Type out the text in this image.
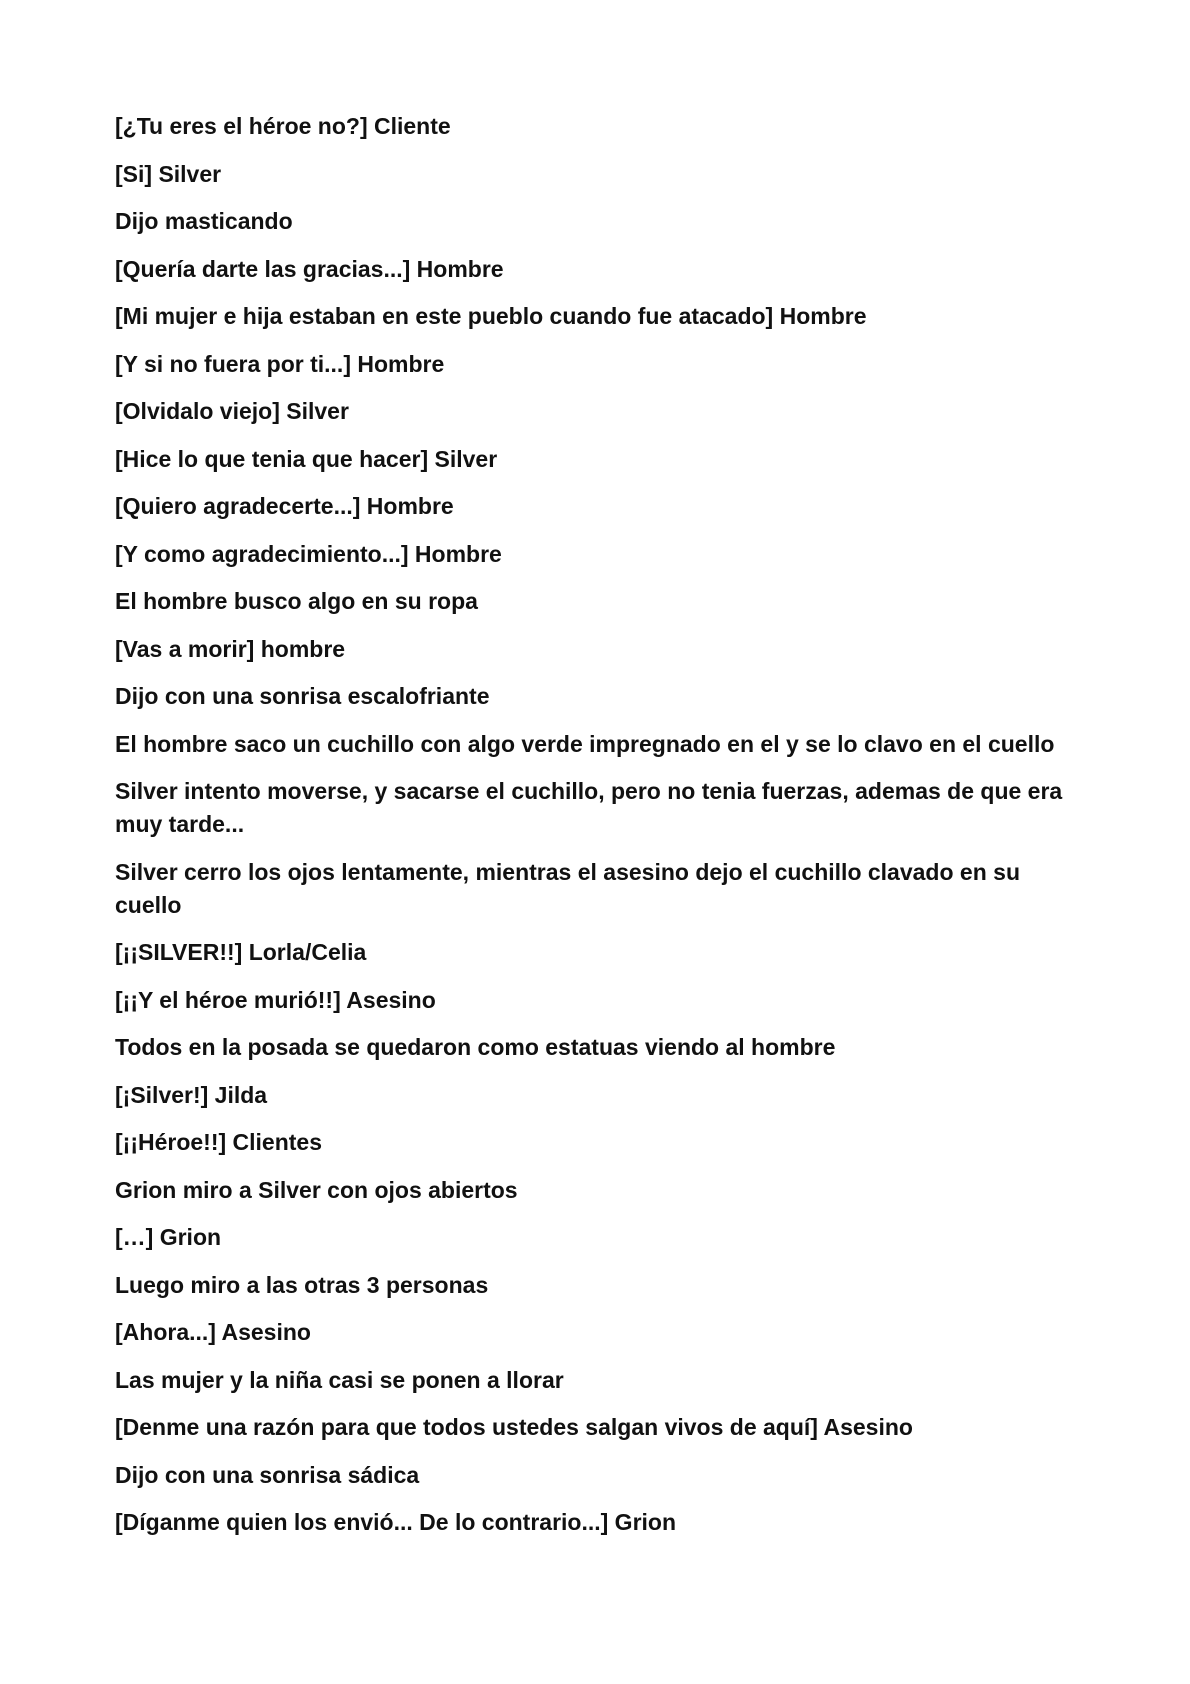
[¿Tu eres el héroe no?] Cliente

[Si] Silver

Dijo masticando

[Quería darte las gracias...] Hombre

[Mi mujer e hija estaban en este pueblo cuando fue atacado] Hombre

[Y si no fuera por ti...] Hombre

[Olvidalo viejo] Silver

[Hice lo que tenia que hacer] Silver

[Quiero agradecerte...] Hombre

[Y como agradecimiento...] Hombre

El hombre busco algo en su ropa

[Vas a morir] hombre

Dijo con una sonrisa escalofriante

El hombre saco un cuchillo con algo verde impregnado en el y se lo clavo en el cuello

Silver intento moverse, y sacarse el cuchillo, pero no tenia fuerzas, ademas de que era muy tarde...

Silver cerro los ojos lentamente, mientras el asesino dejo el cuchillo clavado en su cuello

[¡¡SILVER!!] Lorla/Celia

[¡¡Y el héroe murió!!] Asesino

Todos en la posada se quedaron como estatuas viendo al hombre

[¡Silver!] Jilda

[¡¡Héroe!!] Clientes

Grion miro a Silver con ojos abiertos

[…] Grion

Luego miro a las otras 3 personas

[Ahora...] Asesino

Las mujer y la niña casi se ponen a llorar

[Denme una razón para que todos ustedes salgan vivos de aquí] Asesino

Dijo con una sonrisa sádica

[Díganme quien los envió... De lo contrario...] Grion
